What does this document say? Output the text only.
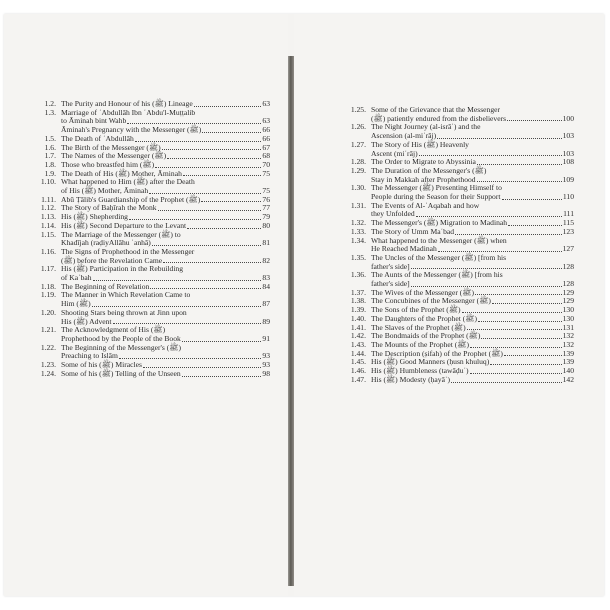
1.2. The Purity and Honour of his (ﷺ) Lineage	63
1.3. Marriage of ʿAbdullāh Ibn ʿAbdu'l-Muṭṭalib
to Āminah bint Wahb	63
Āminah's Pregnancy with the Messenger (ﷺ)	66
1.5. The Death of ʿAbdullāh	66
1.6. The Birth of the Messenger (ﷺ)	67
1.7. The Names of the Messenger (ﷺ)	68
1.8. Those who breastfed him (ﷺ)	70
1.9. The Death of His (ﷺ) Mother, Āminah	75
1.10. What happened to Him (ﷺ) after the Death
of His (ﷺ) Mother, Āminah	75
1.11. Abū Ṭālib's Guardianship of the Prophet (ﷺ)	76
1.12. The Story of Baḥīrah the Monk	77
1.13. His (ﷺ) Shepherding	79
1.14. His (ﷺ) Second Departure to the Levant	80
1.15. The Marriage of the Messenger (ﷺ) to
Khadījah (raḍiyAllāhu ʿanhā)	81
1.16. The Signs of Prophethood in the Messenger
(ﷺ) before the Revelation Came	82
1.17. His (ﷺ) Participation in the Rebuilding
of Kaʿbah	83
1.18. The Beginning of Revelation	84
1.19. The Manner in Which Revelation Came to
Him (ﷺ)	87
1.20. Shooting Stars being thrown at Jinn upon
His (ﷺ) Advent	89
1.21. The Acknowledgment of His (ﷺ)
Prophethood by the People of the Book	91
1.22. The Beginning of the Messenger's (ﷺ)
Preaching to Islām	93
1.23. Some of his (ﷺ) Miracles	93
1.24. Some of his (ﷺ) Telling of the Unseen	98
1.25. Some of the Grievance that the Messenger
(ﷺ) patiently endured from the disbelievers	100
1.26. The Night Journey (al-isrāʾ) and the
Ascension (al-miʿrāj)	103
1.27. The Story of His (ﷺ) Heavenly
Ascent (miʿrāj)	103
1.28. The Order to Migrate to Abyssinia	108
1.29. The Duration of the Messenger's (ﷺ)
Stay in Makkah after Prophethood	109
1.30. The Messenger (ﷺ) Presenting Himself to
People during the Season for their Support	110
1.31. The Events of Al-ʿAqabah and how
they Unfolded	111
1.32. The Messenger's (ﷺ) Migration to Madinah	115
1.33. The Story of Umm Maʿbad	123
1.34. What happened to the Messenger (ﷺ) when
He Reached Madinah	127
1.35. The Uncles of the Messenger (ﷺ) [from his
father's side]	128
1.36. The Aunts of the Messenger (ﷺ) [from his
father's side]	128
1.37. The Wives of the Messenger (ﷺ)	129
1.38. The Concubines of the Messenger (ﷺ)	129
1.39. The Sons of the Prophet (ﷺ)	130
1.40. The Daughters of the Prophet (ﷺ)	130
1.41. The Slaves of the Prophet (ﷺ)	131
1.42. The Bondmaids of the Prophet (ﷺ)	132
1.43. The Mounts of the Prophet (ﷺ)	132
1.44. The Description (ṣifah) of the Prophet (ﷺ)	139
1.45. His (ﷺ) Good Manners (ḥusn khuluq)	139
1.46. His (ﷺ) Humbleness (tawāḍuʿ)	140
1.47. His (ﷺ) Modesty (ḥayāʾ)	142
